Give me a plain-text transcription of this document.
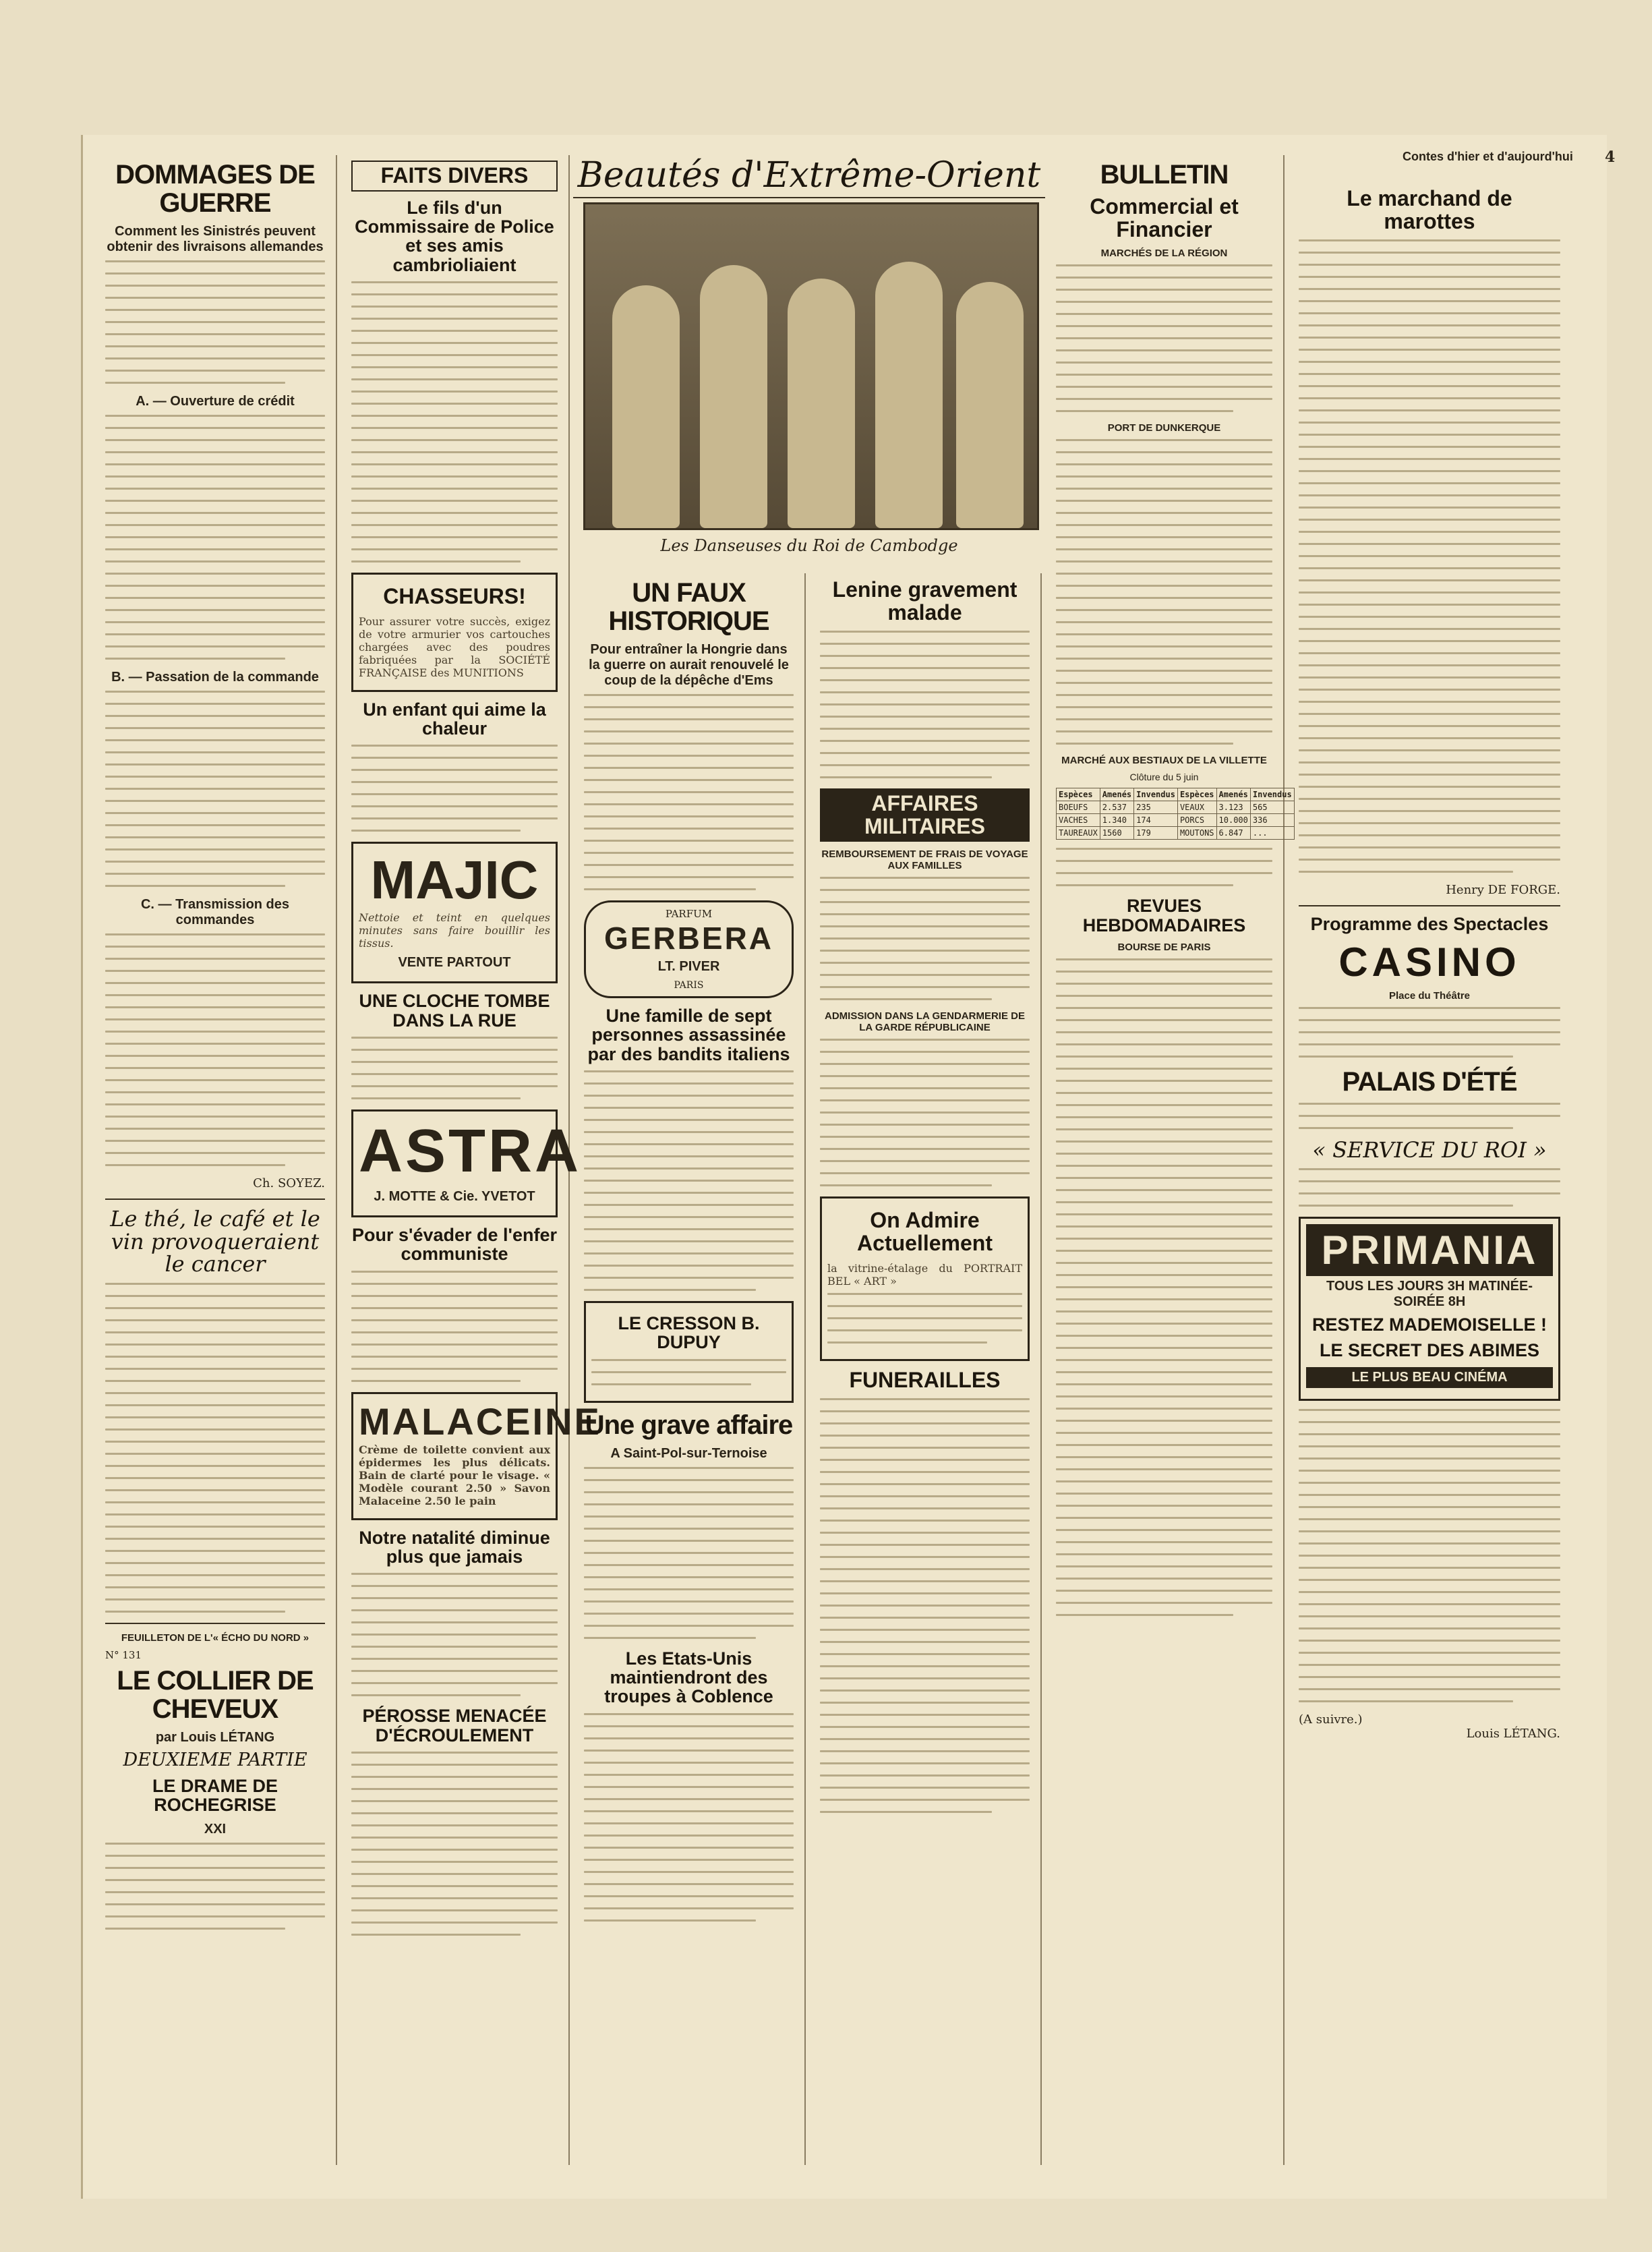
Contes d'hier et d'aujourd'hui 4
DOMMAGES DE GUERRE
Comment les Sinistrés peuvent obtenir des livraisons allemandes
A. — Ouverture de crédit
B. — Passation de la commande
C. — Transmission des commandes
Ch. SOYEZ.
Le thé, le café et le vin provoqueraient le cancer
FEUILLETON DE L'« ÉCHO DU NORD »
N° 131
LE COLLIER DE CHEVEUX
par Louis LÉTANG
DEUXIEME PARTIE
LE DRAME DE ROCHEGRISE
XXI
FAITS DIVERS
Le fils d'un Commissaire de Police et ses amis cambrioliaient
CHASSEURS!
Pour assurer votre succès, exigez de votre armurier vos cartouches chargées avec des poudres fabriquées par la SOCIÉTÉ FRANÇAISE des MUNITIONS
Un enfant qui aime la chaleur
MAJIC
Nettoie et teint en quelques minutes sans faire bouillir les tissus.
VENTE PARTOUT
UNE CLOCHE TOMBE DANS LA RUE
ASTRA
J. MOTTE & Cie. YVETOT
Pour s'évader de l'enfer communiste
MALACEINE
Crème de toilette convient aux épidermes les plus délicats. Bain de clarté pour le visage. « Modèle courant 2.50 » Savon Malaceine 2.50 le pain
Notre natalité diminue plus que jamais
PÉROSSE MENACÉE D'ÉCROULEMENT
Beautés d'Extrême-Orient
Les Danseuses du Roi de Cambodge
UN FAUX HISTORIQUE
Pour entraîner la Hongrie dans la guerre on aurait renouvelé le coup de la dépêche d'Ems
PARFUM
GERBERA
LT. PIVER
PARIS
Une famille de sept personnes assassinée par des bandits italiens
LE CRESSON B. DUPUY
Une grave affaire
A Saint-Pol-sur-Ternoise
Les Etats-Unis maintiendront des troupes à Coblence
Lenine gravement malade
AFFAIRES MILITAIRES
REMBOURSEMENT DE FRAIS DE VOYAGE AUX FAMILLES
ADMISSION DANS LA GENDARMERIE DE LA GARDE RÉPUBLICAINE
On Admire Actuellement
la vitrine-étalage du PORTRAIT BEL « ART »
FUNERAILLES
BULLETIN
Commercial et Financier
MARCHÉS DE LA RÉGION
PORT DE DUNKERQUE
MARCHÉ AUX BESTIAUX DE LA VILLETTE
Clôture du 5 juin
Espèces	Amenés	Invendus	Espèces	Amenés	Invendus
BOEUFS	2.537	235	VEAUX	3.123	565
VACHES	1.340	174	PORCS	10.000	336
TAUREAUX	1560	179	MOUTONS	6.847	...
REVUES HEBDOMADAIRES
BOURSE DE PARIS
Le marchand de marottes
Henry DE FORGE.
Programme des Spectacles
CASINO
Place du Théâtre
PALAIS D'ÉTÉ
« SERVICE DU ROI »
PRIMANIA
TOUS LES JOURS 3H MATINÉE-SOIRÉE 8H
RESTEZ MADEMOISELLE !
LE SECRET DES ABIMES
LE PLUS BEAU CINÉMA
(A suivre.)
Louis LÉTANG.
